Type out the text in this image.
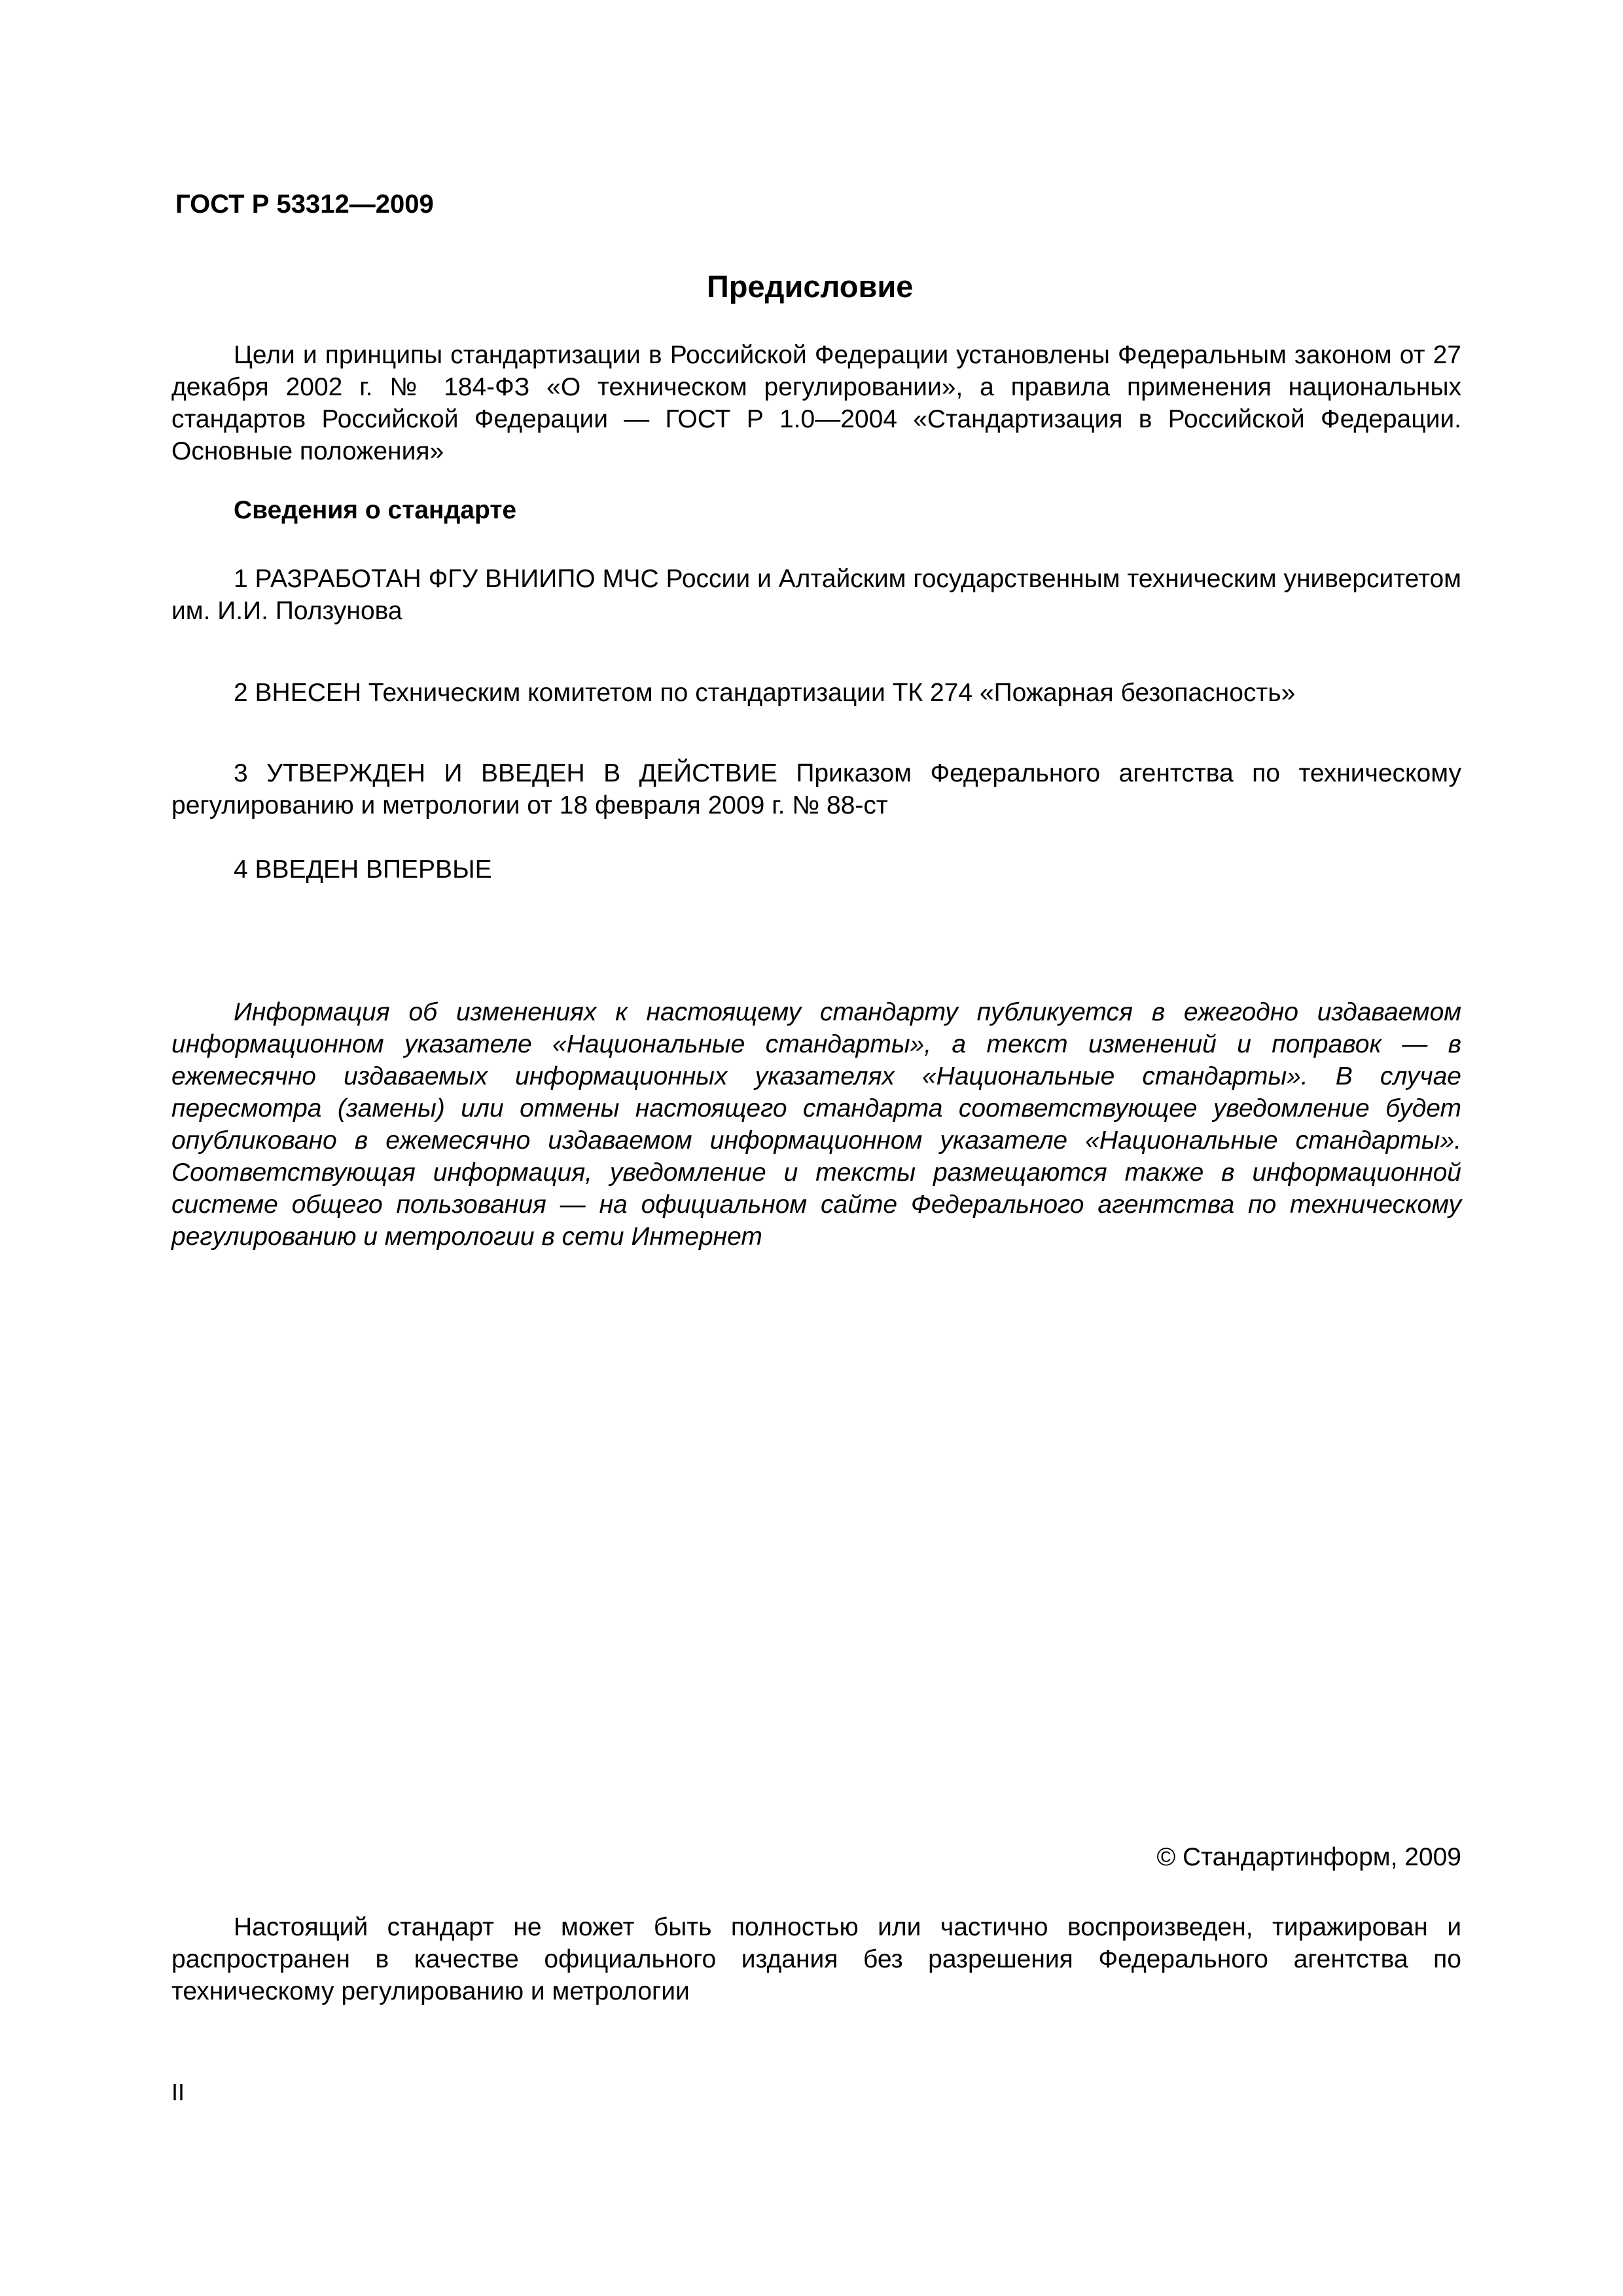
ГОСТ Р 53312—2009
Предисловие

Цели и принципы стандартизации в Российской Федерации установлены Федеральным законом от 27 декабря 2002 г. № 184-ФЗ «О техническом регулировании», а правила применения национальных стандартов Российской Федерации — ГОСТ Р 1.0—2004 «Стандартизация в Российской Федерации. Основные положения»

Сведения о стандарте

1 РАЗРАБОТАН ФГУ ВНИИПО МЧС России и Алтайским государственным техническим университетом им. И.И. Ползунова

2 ВНЕСЕН Техническим комитетом по стандартизации ТК 274 «Пожарная безопасность»

3 УТВЕРЖДЕН И ВВЕДЕН В ДЕЙСТВИЕ Приказом Федерального агентства по техническому регулированию и метрологии от 18 февраля 2009 г. № 88-ст

4 ВВЕДЕН ВПЕРВЫЕ

Информация об изменениях к настоящему стандарту публикуется в ежегодно издаваемом информационном указателе «Национальные стандарты», а текст изменений и поправок — в ежемесячно издаваемых информационных указателях «Национальные стандарты». В случае пересмотра (замены) или отмены настоящего стандарта соответствующее уведомление будет опубликовано в ежемесячно издаваемом информационном указателе «Национальные стандарты». Соответствующая информация, уведомление и тексты размещаются также в информационной системе общего пользования — на официальном сайте Федерального агентства по техническому регулированию и метрологии в сети Интернет

© Стандартинформ, 2009

Настоящий стандарт не может быть полностью или частично воспроизведен, тиражирован и распространен в качестве официального издания без разрешения Федерального агентства по техническому регулированию и метрологии

II
